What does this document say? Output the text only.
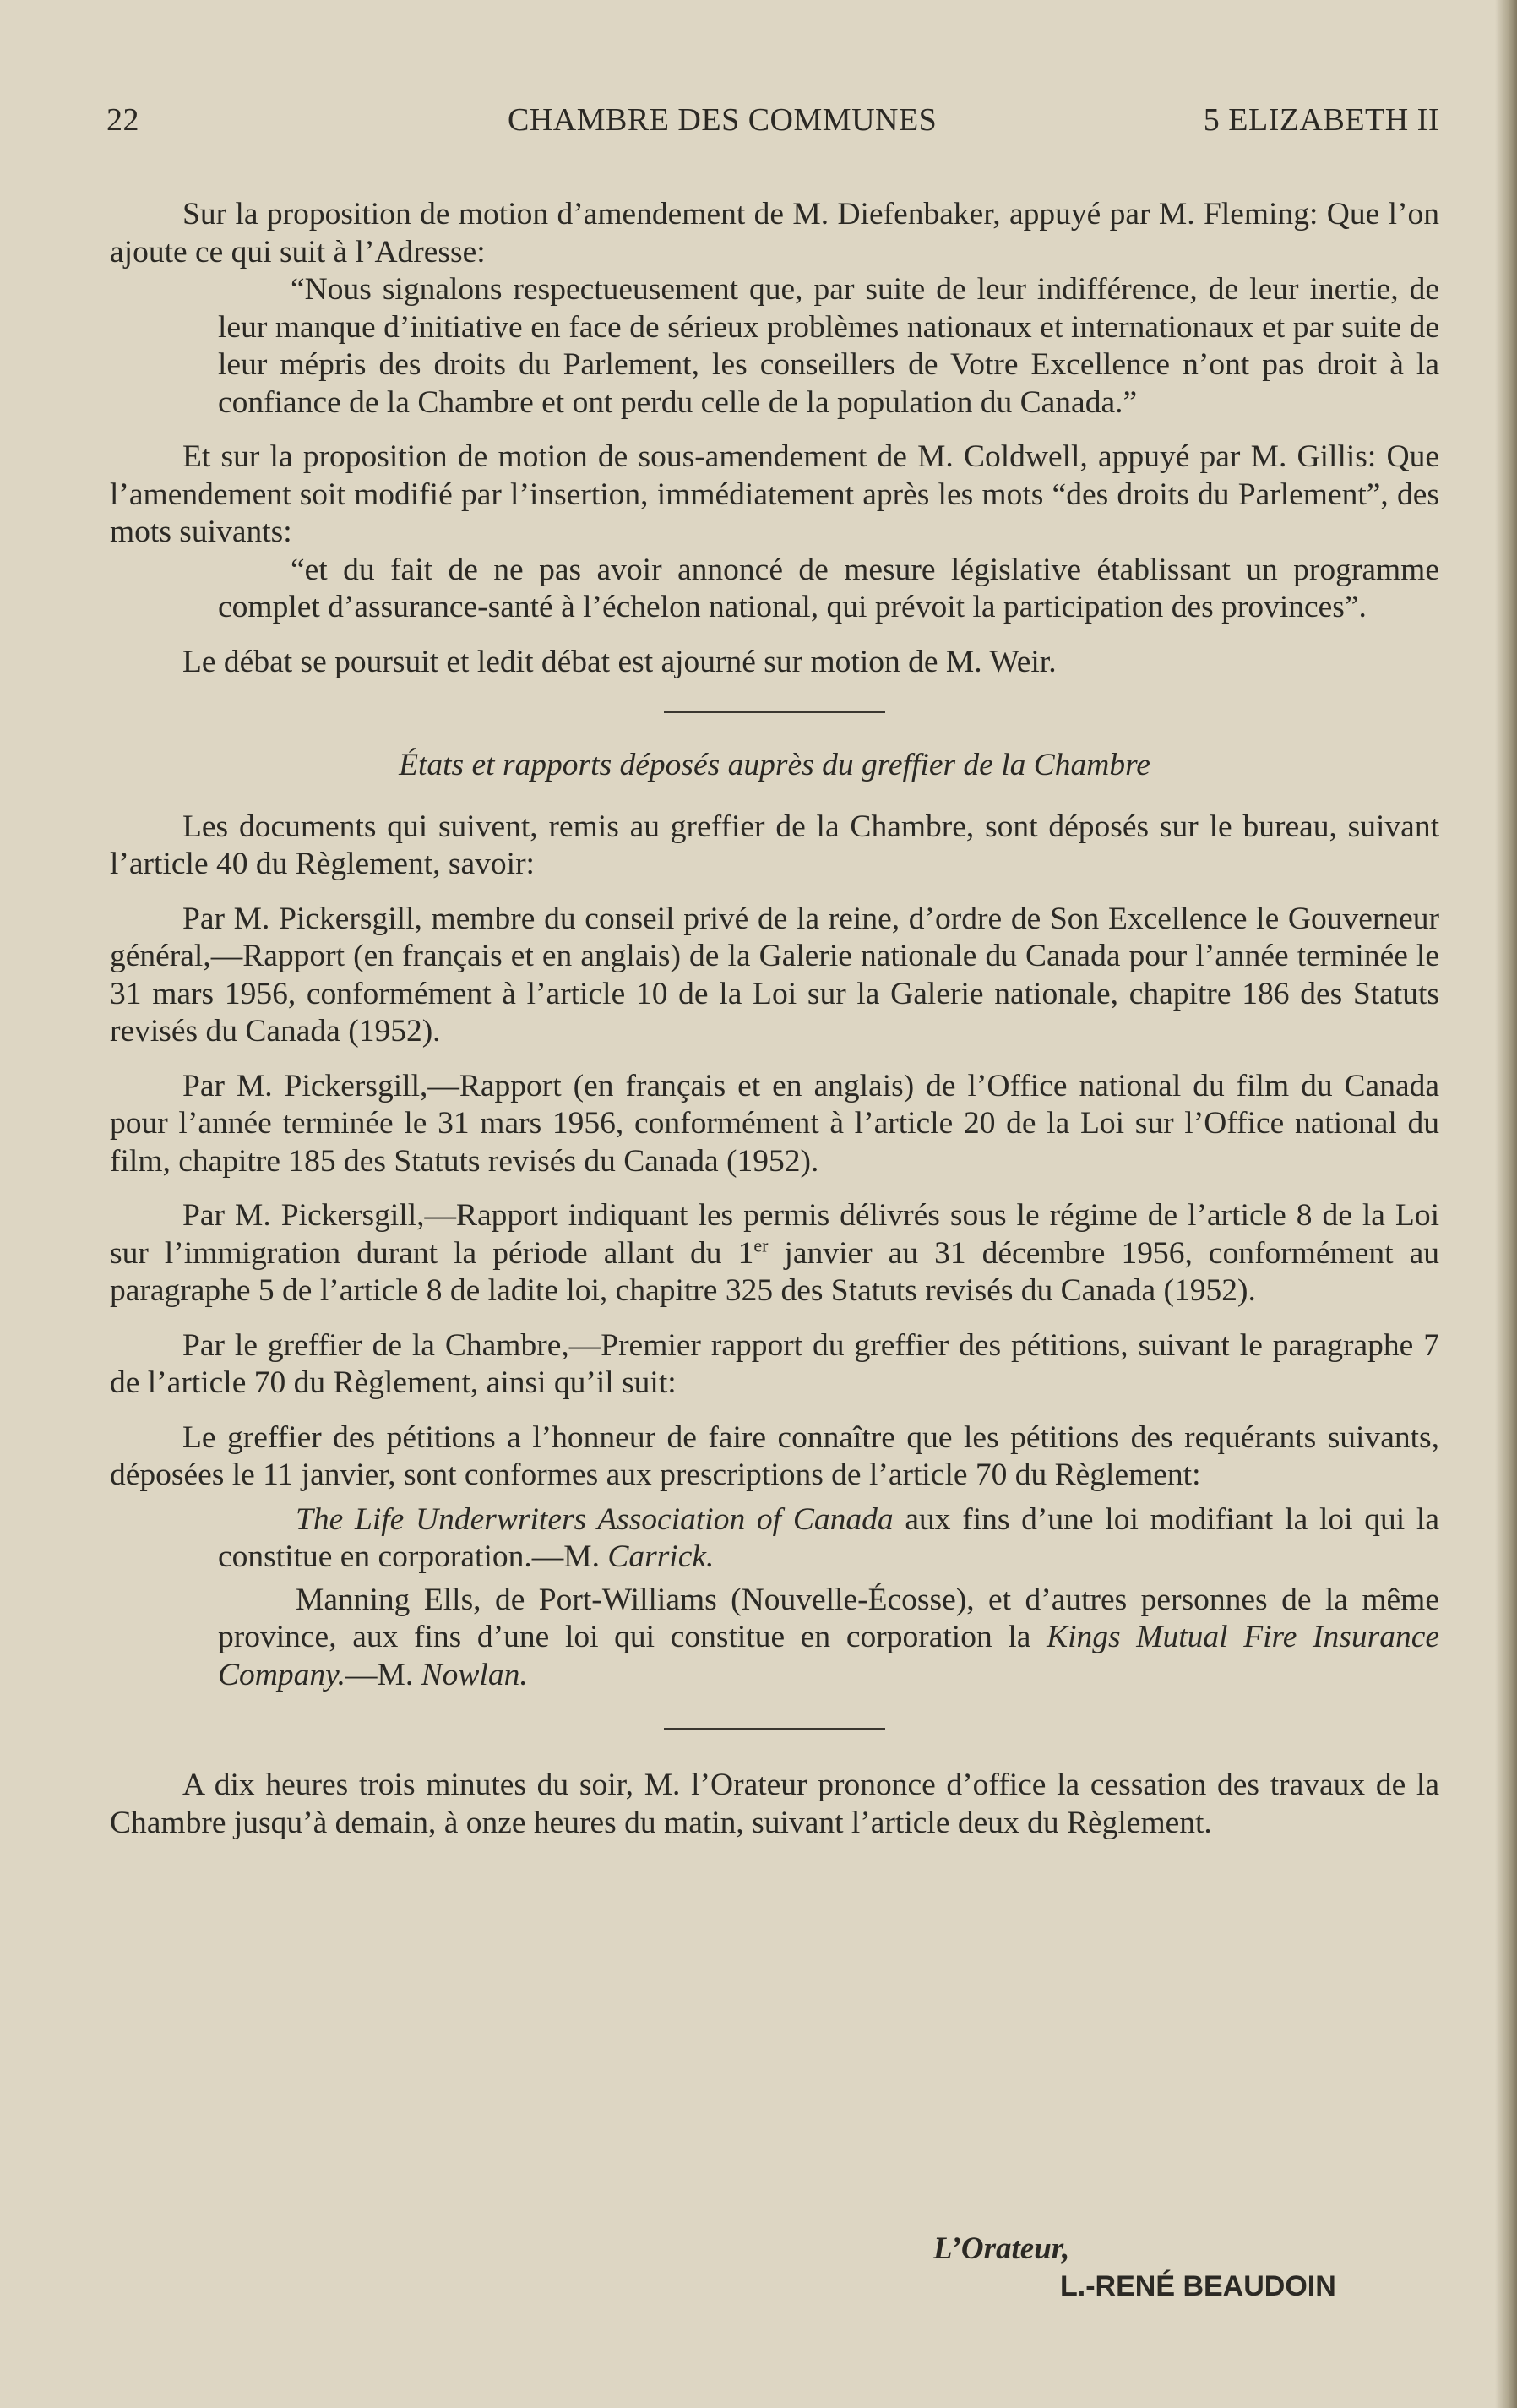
22	CHAMBRE DES COMMUNES	5 ELIZABETH II

Sur la proposition de motion d’amendement de M. Diefenbaker, appuyé par M. Fleming: Que l’on ajoute ce qui suit à l’Adresse:

“Nous signalons respectueusement que, par suite de leur indifférence, de leur inertie, de leur manque d’initiative en face de sérieux problèmes nationaux et internationaux et par suite de leur mépris des droits du Parlement, les conseillers de Votre Excellence n’ont pas droit à la confiance de la Chambre et ont perdu celle de la population du Canada.”

Et sur la proposition de motion de sous-amendement de M. Coldwell, appuyé par M. Gillis: Que l’amendement soit modifié par l’insertion, immédiatement après les mots “des droits du Parlement”, des mots suivants:

“et du fait de ne pas avoir annoncé de mesure législative établissant un programme complet d’assurance-santé à l’échelon national, qui prévoit la participation des provinces”.

Le débat se poursuit et ledit débat est ajourné sur motion de M. Weir.

États et rapports déposés auprès du greffier de la Chambre

Les documents qui suivent, remis au greffier de la Chambre, sont déposés sur le bureau, suivant l’article 40 du Règlement, savoir:

Par M. Pickersgill, membre du conseil privé de la reine, d’ordre de Son Excellence le Gouverneur général,—Rapport (en français et en anglais) de la Galerie nationale du Canada pour l’année terminée le 31 mars 1956, conformément à l’article 10 de la Loi sur la Galerie nationale, chapitre 186 des Statuts revisés du Canada (1952).

Par M. Pickersgill,—Rapport (en français et en anglais) de l’Office national du film du Canada pour l’année terminée le 31 mars 1956, conformément à l’article 20 de la Loi sur l’Office national du film, chapitre 185 des Statuts revisés du Canada (1952).

Par M. Pickersgill,—Rapport indiquant les permis délivrés sous le régime de l’article 8 de la Loi sur l’immigration durant la période allant du 1er janvier au 31 décembre 1956, conformément au paragraphe 5 de l’article 8 de ladite loi, chapitre 325 des Statuts revisés du Canada (1952).

Par le greffier de la Chambre,—Premier rapport du greffier des pétitions, suivant le paragraphe 7 de l’article 70 du Règlement, ainsi qu’il suit:

Le greffier des pétitions a l’honneur de faire connaître que les pétitions des requérants suivants, déposées le 11 janvier, sont conformes aux prescriptions de l’article 70 du Règlement:

The Life Underwriters Association of Canada aux fins d’une loi modifiant la loi qui la constitue en corporation.—M. Carrick.

Manning Ells, de Port-Williams (Nouvelle-Écosse), et d’autres personnes de la même province, aux fins d’une loi qui constitue en corporation la Kings Mutual Fire Insurance Company.—M. Nowlan.

A dix heures trois minutes du soir, M. l’Orateur prononce d’office la cessation des travaux de la Chambre jusqu’à demain, à onze heures du matin, suivant l’article deux du Règlement.

L’Orateur,
L.-RENÉ BEAUDOIN
